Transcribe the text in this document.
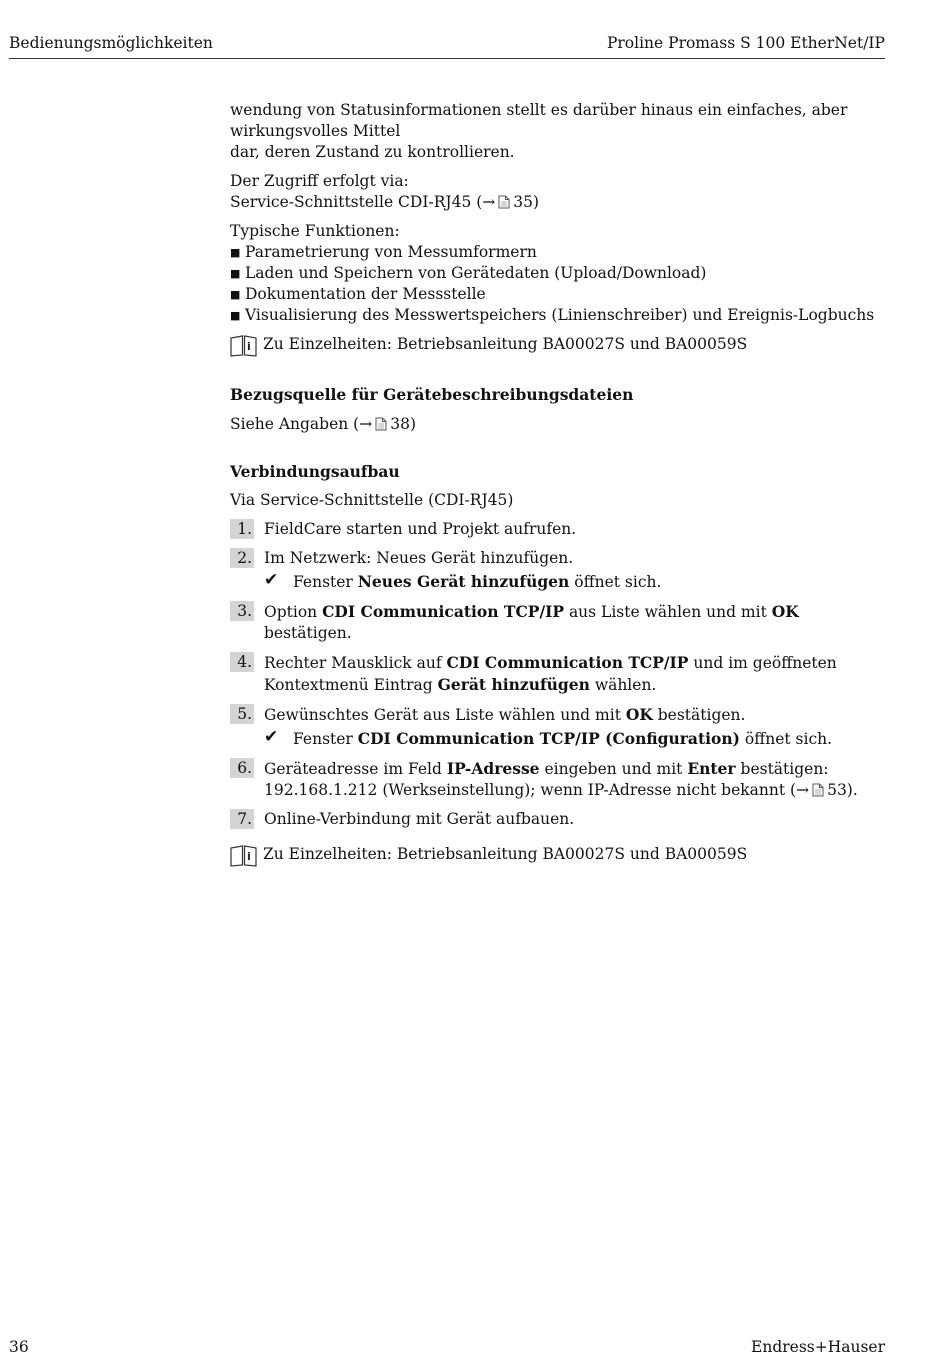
Bedienungsmöglichkeiten	Proline Promass S 100 EtherNet/IP

wendung von Statusinformationen stellt es darüber hinaus ein einfaches, aber wirkungsvolles Mittel

dar, deren Zustand zu kontrollieren.

Der Zugriff erfolgt via:

Service-Schnittstelle CDI-RJ45 (→ 35)

Typische Funktionen:

■ Parametrierung von Messumformern
■ Laden und Speichern von Gerätedaten (Upload/Download)
■ Dokumentation der Messstelle
■ Visualisierung des Messwertspeichers (Linienschreiber) und Ereignis-Logbuchs
i Zu Einzelheiten: Betriebsanleitung BA00027S und BA00059S
Bezugsquelle für Gerätebeschreibungsdateien

Siehe Angaben (→ 38)

Verbindungsaufbau

Via Service-Schnittstelle (CDI-RJ45)

1. FieldCare starten und Projekt aufrufen.
2. Im Netzwerk: Neues Gerät hinzufügen.
✔ Fenster Neues Gerät hinzufügen öffnet sich.
3. Option CDI Communication TCP/IP aus Liste wählen und mit OK bestätigen.
4. Rechter Mausklick auf CDI Communication TCP/IP und im geöffneten Kontextmenü Eintrag Gerät hinzufügen wählen.
5. Gewünschtes Gerät aus Liste wählen und mit OK bestätigen.
✔ Fenster CDI Communication TCP/IP (Configuration) öffnet sich.
6. Geräteadresse im Feld IP-Adresse eingeben und mit Enter bestätigen: 192.168.1.212 (Werkseinstellung); wenn IP-Adresse nicht bekannt (→ 53).
7. Online-Verbindung mit Gerät aufbauen.
i Zu Einzelheiten: Betriebsanleitung BA00027S und BA00059S
36	Endress+Hauser
